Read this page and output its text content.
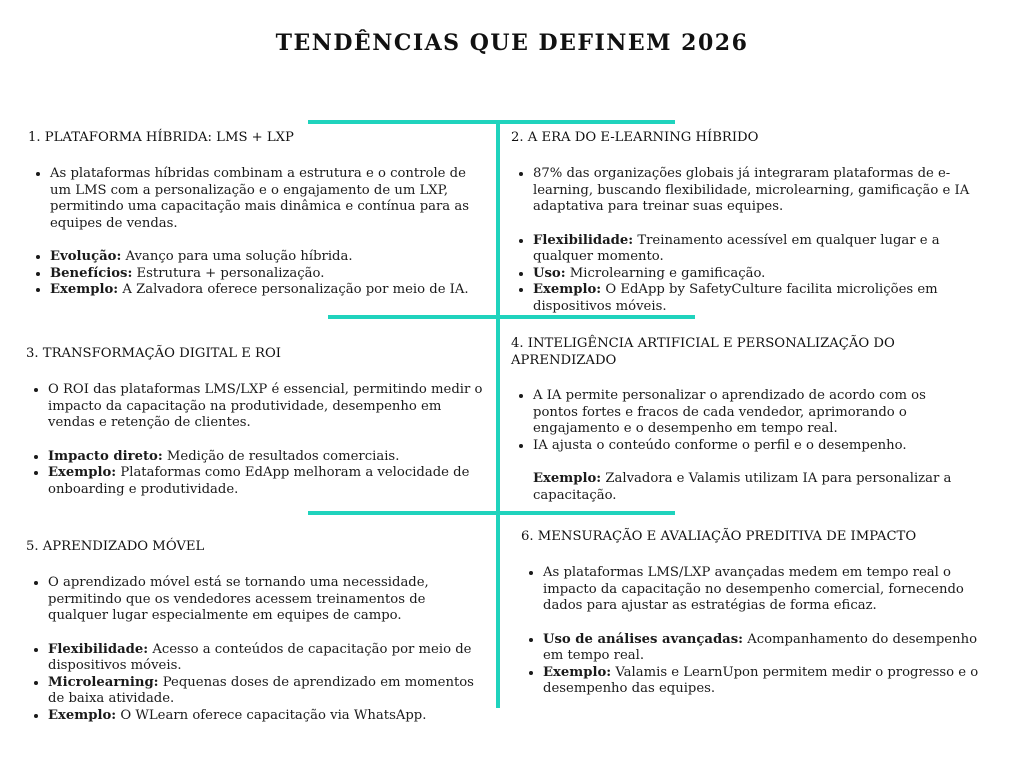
TENDÊNCIAS QUE DEFINEM 2026
1. PLATAFORMA HÍBRIDA: LMS + LXP
• As plataformas híbridas combinam a estrutura e o controle de um LMS com a personalização e o engajamento de um LXP, permitindo uma capacitação mais dinâmica e contínua para as equipes de vendas.
• Evolução: Avanço para uma solução híbrida.
• Benefícios: Estrutura + personalização.
• Exemplo: A Zalvadora oferece personalização por meio de IA.
2. A ERA DO E-LEARNING HÍBRIDO
• 87% das organizações globais já integraram plataformas de e-learning, buscando flexibilidade, microlearning, gamificação e IA adaptativa para treinar suas equipes.
• Flexibilidade: Treinamento acessível em qualquer lugar e a qualquer momento.
• Uso: Microlearning e gamificação.
• Exemplo: O EdApp by SafetyCulture facilita microlições em dispositivos móveis.
3. TRANSFORMAÇÃO DIGITAL E ROI
• O ROI das plataformas LMS/LXP é essencial, permitindo medir o impacto da capacitação na produtividade, desempenho em vendas e retenção de clientes.
• Impacto direto: Medição de resultados comerciais.
• Exemplo: Plataformas como EdApp melhoram a velocidade de onboarding e produtividade.
4. INTELIGÊNCIA ARTIFICIAL E PERSONALIZAÇÃO DO APRENDIZADO
• A IA permite personalizar o aprendizado de acordo com os pontos fortes e fracos de cada vendedor, aprimorando o engajamento e o desempenho em tempo real.
• IA ajusta o conteúdo conforme o perfil e o desempenho.
Exemplo: Zalvadora e Valamis utilizam IA para personalizar a capacitação.
5. APRENDIZADO MÓVEL
• O aprendizado móvel está se tornando uma necessidade, permitindo que os vendedores acessem treinamentos de qualquer lugar especialmente em equipes de campo.
• Flexibilidade: Acesso a conteúdos de capacitação por meio de dispositivos móveis.
• Microlearning: Pequenas doses de aprendizado em momentos de baixa atividade.
• Exemplo: O WLearn oferece capacitação via WhatsApp.
6. MENSURAÇÃO E AVALIAÇÃO PREDITIVA DE IMPACTO
• As plataformas LMS/LXP avançadas medem em tempo real o impacto da capacitação no desempenho comercial, fornecendo dados para ajustar as estratégias de forma eficaz.
• Uso de análises avançadas: Acompanhamento do desempenho em tempo real.
• Exemplo: Valamis e LearnUpon permitem medir o progresso e o desempenho das equipes.
